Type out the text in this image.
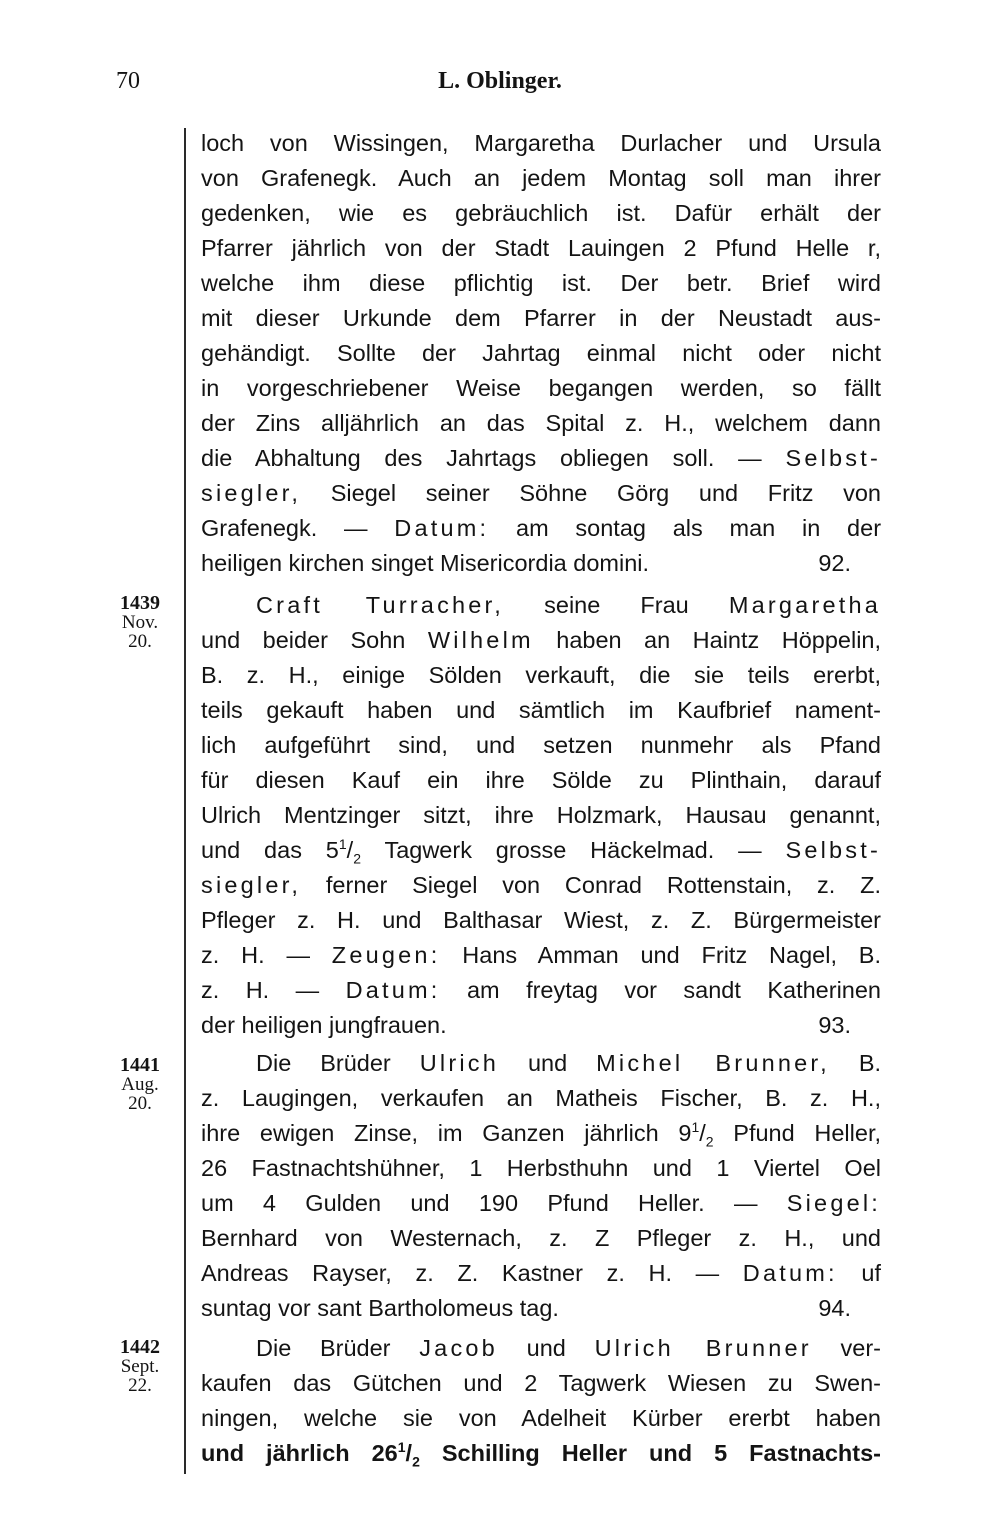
70	L. Oblinger.
1439
Nov.
20.
1441
Aug.
20.
1442
Sept.
22.
loch von Wissingen, Margaretha Durlacher und Ursula
von Grafenegk. Auch an jedem Montag soll man ihrer
gedenken, wie es gebräuchlich ist. Dafür erhält der
Pfarrer jährlich von der Stadt Lauingen 2 Pfund Helle r,
welche ihm diese pflichtig ist. Der betr. Brief wird
mit dieser Urkunde dem Pfarrer in der Neustadt aus-
gehändigt. Sollte der Jahrtag einmal nicht oder nicht
in vorgeschriebener Weise begangen werden, so fällt
der Zins alljährlich an das Spital z. H., welchem dann
die Abhaltung des Jahrtags obliegen soll. — Selbst-
siegler, Siegel seiner Söhne Görg und Fritz von
Grafenegk. — Datum: am sontag als man in der
heiligen kirchen singet Misericordia domini.	92.
Craft Turracher, seine Frau Margaretha
und beider Sohn Wilhelm haben an Haintz Höppelin,
B. z. H., einige Sölden verkauft, die sie teils ererbt,
teils gekauft haben und sämtlich im Kaufbrief nament-
lich aufgeführt sind, und setzen nunmehr als Pfand
für diesen Kauf ein ihre Sölde zu Plinthain, darauf
Ulrich Mentzinger sitzt, ihre Holzmark, Hausau genannt,
und das $5^1/_2$ Tagwerk grosse Häckelmad. — Selbst-
siegler, ferner Siegel von Conrad Rottenstain, z. Z.
Pfleger z. H. und Balthasar Wiest, z. Z. Bürgermeister
z. H. — Zeugen: Hans Amman und Fritz Nagel, B.
z. H. — Datum: am freytag vor sandt Katherinen
der heiligen jungfrauen.	93.
Die Brüder Ulrich und Michel Brunner, B.
z. Laugingen, verkaufen an Matheis Fischer, B. z. H.,
ihre ewigen Zinse, im Ganzen jährlich $9^1/_2$ Pfund Heller,
26 Fastnachtshühner, 1 Herbsthuhn und 1 Viertel Oel
um 4 Gulden und 190 Pfund Heller. — Siegel:
Bernhard von Westernach, z. Z Pfleger z. H., und
Andreas Rayser, z. Z. Kastner z. H. — Datum: uf
suntag vor sant Bartholomeus tag.	94.
Die Brüder Jacob und Ulrich Brunner ver-
kaufen das Gütchen und 2 Tagwerk Wiesen zu Swen-
ningen, welche sie von Adelheit Kürber ererbt haben
und jährlich $26^1/_2$ Schilling Heller und 5 Fastnachts-
